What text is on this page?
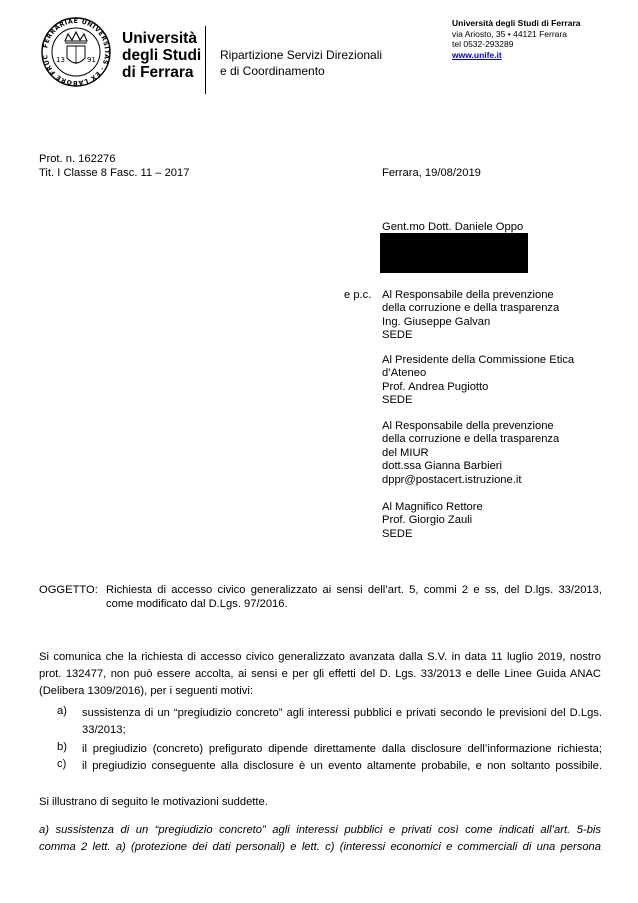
FERRARIAE UNIVERSITAS · EX LABORE FRUC 13	91
Università
degli Studi
di Ferrara
Ripartizione Servizi Direzionali
e di Coordinamento
Università degli Studi di Ferrara
via Ariosto, 35 • 44121 Ferrara
tel 0532-293289
www.unife.it
Prot. n. 162276
Tit. I Classe 8 Fasc. 11 – 2017	Ferrara, 19/08/2019
Gent.mo Dott. Daniele Oppo
e p.c. Al Responsabile della prevenzione
della corruzione e della trasparenza
Ing. Giuseppe Galvan
SEDE
Al Presidente della Commissione Etica
d’Ateneo
Prof. Andrea Pugiotto
SEDE
Al Responsabile della prevenzione
della corruzione e della trasparenza
del MIUR
dott.ssa Gianna Barbieri
dppr@postacert.istruzione.it
Al Magnifico Rettore
Prof. Giorgio Zauli
SEDE
OGGETTO: Richiesta di accesso civico generalizzato ai sensi dell’art. 5, commi 2 e ss, del D.lgs. 33/2013,
come modificato dal D.Lgs. 97/2016.
Si comunica che la richiesta di accesso civico generalizzato avanzata dalla S.V. in data 11 luglio 2019, nostro
prot. 132477, non può essere accolta, ai sensi e per gli effetti del D. Lgs. 33/2013 e delle Linee Guida ANAC
(Delibera 1309/2016), per i seguenti motivi:
a) sussistenza di un “pregiudizio concreto” agli interessi pubblici e privati secondo le previsioni del D.Lgs.
33/2013;
b) il pregiudizio (concreto) prefigurato dipende direttamente dalla disclosure dell’informazione richiesta;
c) il pregiudizio conseguente alla disclosure è un evento altamente probabile, e non soltanto possibile.
Si illustrano di seguito le motivazioni suddette.
a) sussistenza di un “pregiudizio concreto” agli interessi pubblici e privati così come indicati all’art. 5-bis
comma 2 lett. a) (protezione dei dati personali) e lett. c) (interessi economici e commerciali di una persona
